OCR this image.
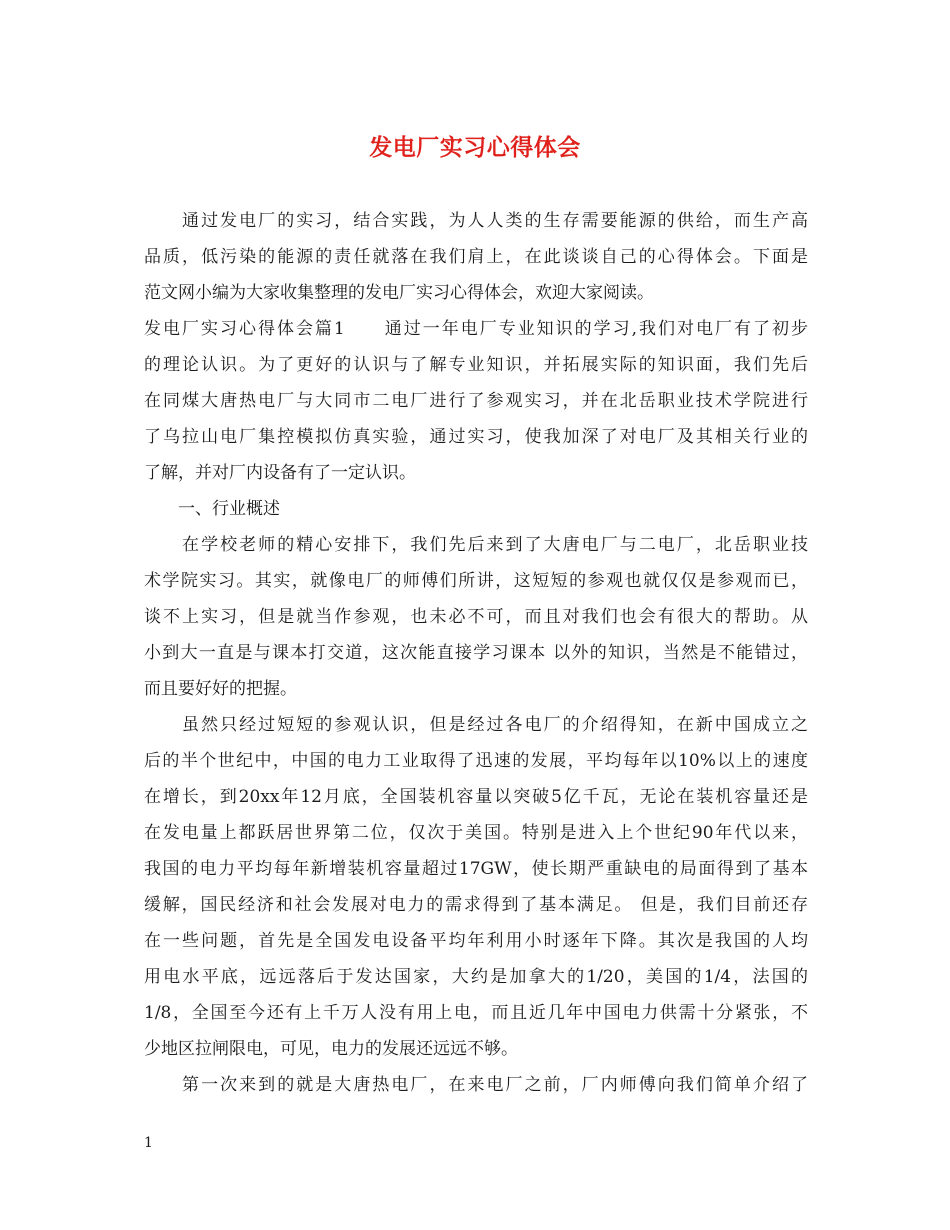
发电厂实习心得体会
　　通过发电厂的实习，结合实践，为人人类的生存需要能源的供给，而生产高
品质，低污染的能源的责任就落在我们肩上，在此谈谈自己的心得体会。下面是
范文网小编为大家收集整理的发电厂实习心得体会，欢迎大家阅读。
发电厂实习心得体会篇1　　通过一年电厂专业知识的学习,我们对电厂有了初步
的理论认识。为了更好的认识与了解专业知识，并拓展实际的知识面，我们先后
在同煤大唐热电厂与大同市二电厂进行了参观实习，并在北岳职业技术学院进行
了乌拉山电厂集控模拟仿真实验，通过实习，使我加深了对电厂及其相关行业的
了解，并对厂内设备有了一定认识。
　　一、行业概述
　　在学校老师的精心安排下，我们先后来到了大唐电厂与二电厂，北岳职业技
术学院实习。其实，就像电厂的师傅们所讲，这短短的参观也就仅仅是参观而已，
谈不上实习，但是就当作参观，也未必不可，而且对我们也会有很大的帮助。从
小到大一直是与课本打交道，这次能直接学习课本 以外的知识，当然是不能错过，
而且要好好的把握。
　　虽然只经过短短的参观认识，但是经过各电厂的介绍得知，在新中国成立之
后的半个世纪中，中国的电力工业取得了迅速的发展，平均每年以10%以上的速度
在增长，到20xx年12月底，全国装机容量以突破5亿千瓦，无论在装机容量还是
在发电量上都跃居世界第二位，仅次于美国。特别是进入上个世纪90年代以来，
我国的电力平均每年新增装机容量超过17GW，使长期严重缺电的局面得到了基本
缓解，国民经济和社会发展对电力的需求得到了基本满足。 但是，我们目前还存
在一些问题，首先是全国发电设备平均年利用小时逐年下降。其次是我国的人均
用电水平底，远远落后于发达国家，大约是加拿大的1/20，美国的1/4，法国的
1/8，全国至今还有上千万人没有用上电，而且近几年中国电力供需十分紧张，不
少地区拉闸限电，可见，电力的发展还远远不够。
　　第一次来到的就是大唐热电厂，在来电厂之前，厂内师傅向我们简单介绍了
1
